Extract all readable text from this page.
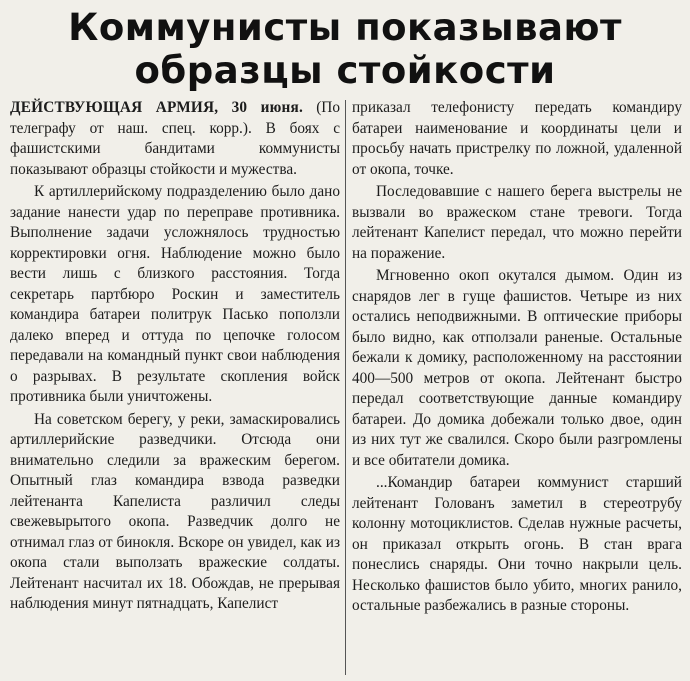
Коммунисты показывают
образцы стойкости

ДЕЙСТВУЮЩАЯ АРМИЯ, 30 июня. (По телеграфу от наш. спец. корр.). В боях с фашистскими бандитами коммунисты показывают образцы стойкости и мужества.

К артиллерийскому подразделению было дано задание нанести удар по переправе противника. Выполнение задачи усложнялось трудностью корректировки огня. Наблюдение можно было вести лишь с близкого расстояния. Тогда секретарь партбюро Роскин и заместитель командира батареи политрук Пасько поползли далеко вперед и оттуда по цепочке голосом передавали на командный пункт свои наблюдения о разрывах. В результате скопления войск противника были уничтожены.

На советском берегу, у реки, замаскировались артиллерийские разведчики. Отсюда они внимательно следили за вражеским берегом. Опытный глаз командира взвода разведки лейтенанта Капелиста различил следы свежевырытого окопа. Разведчик долго не отнимал глаз от бинокля. Вскоре он увидел, как из окопа стали выползать вражеские солдаты. Лейтенант насчитал их 18. Обождав, не прерывая наблюдения минут пятнадцать, Капелист

приказал телефонисту передать командиру батареи наименование и координаты цели и просьбу начать пристрелку по ложной, удаленной от окопа, точке.

Последовавшие с нашего берега выстрелы не вызвали во вражеском стане тревоги. Тогда лейтенант Капелист передал, что можно перейти на поражение.

Мгновенно окоп окутался дымом. Один из снарядов лег в гуще фашистов. Четыре из них остались неподвижными. В оптические приборы было видно, как отползали раненые. Остальные бежали к домику, расположенному на расстоянии 400—500 метров от окопа. Лейтенант быстро передал соответствующие данные командиру батареи. До домика добежали только двое, один из них тут же свалился. Скоро были разгромлены и все обитатели домика.

...Командир батареи коммунист старший лейтенант Голованъ заметил в стереотрубу колонну мотоциклистов. Сделав нужные расчеты, он приказал открыть огонь. В стан врага понеслись снаряды. Они точно накрыли цель. Несколько фашистов было убито, многих ранило, остальные разбежались в разные стороны.
